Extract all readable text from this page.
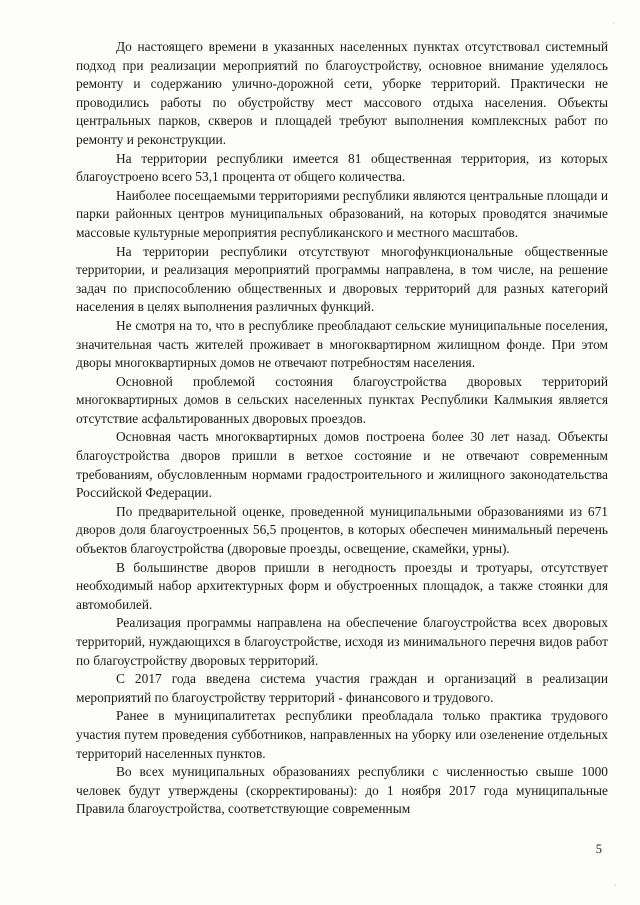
До настоящего времени в указанных населенных пунктах отсутствовал системный подход при реализации мероприятий по благоустройству, основное внимание уделялось ремонту и содержанию улично-дорожной сети, уборке территорий. Практически не проводились работы по обустройству мест массового отдыха населения. Объекты центральных парков, скверов и площадей требуют выполнения комплексных работ по ремонту и реконструкции.

На территории республики имеется 81 общественная территория, из которых благоустроено всего 53,1 процента от общего количества.

Наиболее посещаемыми территориями республики являются центральные площади и парки районных центров муниципальных образований, на которых проводятся значимые массовые культурные мероприятия республиканского и местного масштабов.

На территории республики отсутствуют многофункциональные общественные территории, и реализация мероприятий программы направлена, в том числе, на решение задач по приспособлению общественных и дворовых территорий для разных категорий населения в целях выполнения различных функций.

Не смотря на то, что в республике преобладают сельские муниципальные поселения, значительная часть жителей проживает в многоквартирном жилищном фонде. При этом дворы многоквартирных домов не отвечают потребностям населения.

Основной проблемой состояния благоустройства дворовых территорий многоквартирных домов в сельских населенных пунктах Республики Калмыкия является отсутствие асфальтированных дворовых проездов.

Основная часть многоквартирных домов построена более 30 лет назад. Объекты благоустройства дворов пришли в ветхое состояние и не отвечают современным требованиям, обусловленным нормами градостроительного и жилищного законодательства Российской Федерации.

По предварительной оценке, проведенной муниципальными образованиями из 671 дворов доля благоустроенных 56,5 процентов, в которых обеспечен минимальный перечень объектов благоустройства (дворовые проезды, освещение, скамейки, урны).

В большинстве дворов пришли в негодность проезды и тротуары, отсутствует необходимый набор архитектурных форм и обустроенных площадок, а также стоянки для автомобилей.

Реализация программы направлена на обеспечение благоустройства всех дворовых территорий, нуждающихся в благоустройстве, исходя из минимального перечня видов работ по благоустройству дворовых территорий.

С 2017 года введена система участия граждан и организаций в реализации мероприятий по благоустройству территорий - финансового и трудового.

Ранее в муниципалитетах республики преобладала только практика трудового участия путем проведения субботников, направленных на уборку или озеленение отдельных территорий населенных пунктов.

Во всех муниципальных образованиях республики с численностью свыше 1000 человек будут утверждены (скорректированы): до 1 ноября 2017 года муниципальные Правила благоустройства, соответствующие современным

5
·
·
